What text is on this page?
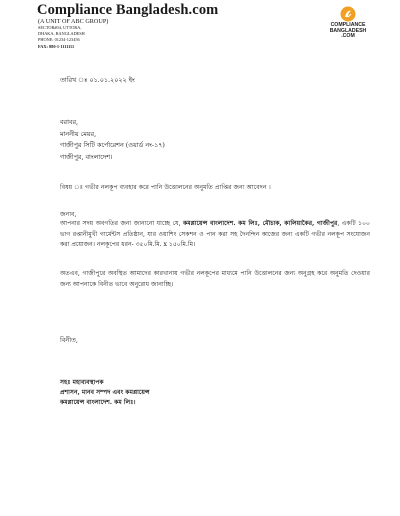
Compliance Bangladesh.com
(A UNIT OF ABC GROUP)
SECTOR#04, UTTORA,
DHAKA, BANGLADESH
PHONE: 01234-123456
FAX: 880-1-1111111
COMPLIANCE
BANGLADESH
.COM
তারিখ ঃ ০১.০১.২০২২ ইং
বরাবর,
মাননীয় মেয়র,
গাজীপুর সিটি কর্পোরেশন (ওয়ার্ড নং-১৭)
গাজীপুর, বাংলাদেশ।
বিষয় ঃ গভীর নলকূপ ব্যবহার করে পানি উত্তোলনের অনুমতি প্রাপ্তির জন্য আবেদন ।
জনাব,
আপনার সদয় অবগতির জন্য জানানো যাচ্ছে যে, কমপ্লায়েন্স বাংলাদেশ. কম লিঃ, মৌচাক, কালিয়াকৈর, গাজীপুর, একটি ১০০ ভাগ রপ্তানীমুখী গার্মেন্টস প্রতিষ্ঠান, যার ওয়াশিং সেকশন ও পান করা সহ দৈনন্দিন কাজের জন্য একটি গভীর নলকূপ সংযোজন করা প্রয়োজন। নলকূপের ধরন- ৩৫০মি.মি. x ১৫০মি.মি।
অতএব, গাজীপুরে অবস্থিত আমাদের কারখানায় গভীর নলকূপের মাধ্যমে পানি উত্তোলনের জন্য অনুগ্রহ করে অনুমতি দেওয়ার জন্য আপনাকে বিনীত ভাবে অনুরোধ জানাচ্ছি।
বিনীত,
সহঃ মহাব্যবস্থাপক
প্রশাসন, মানব সম্পদ এবং কমপ্লায়েন্স
কমপ্লায়েন্স বাংলাদেশ. কম লিঃ।
